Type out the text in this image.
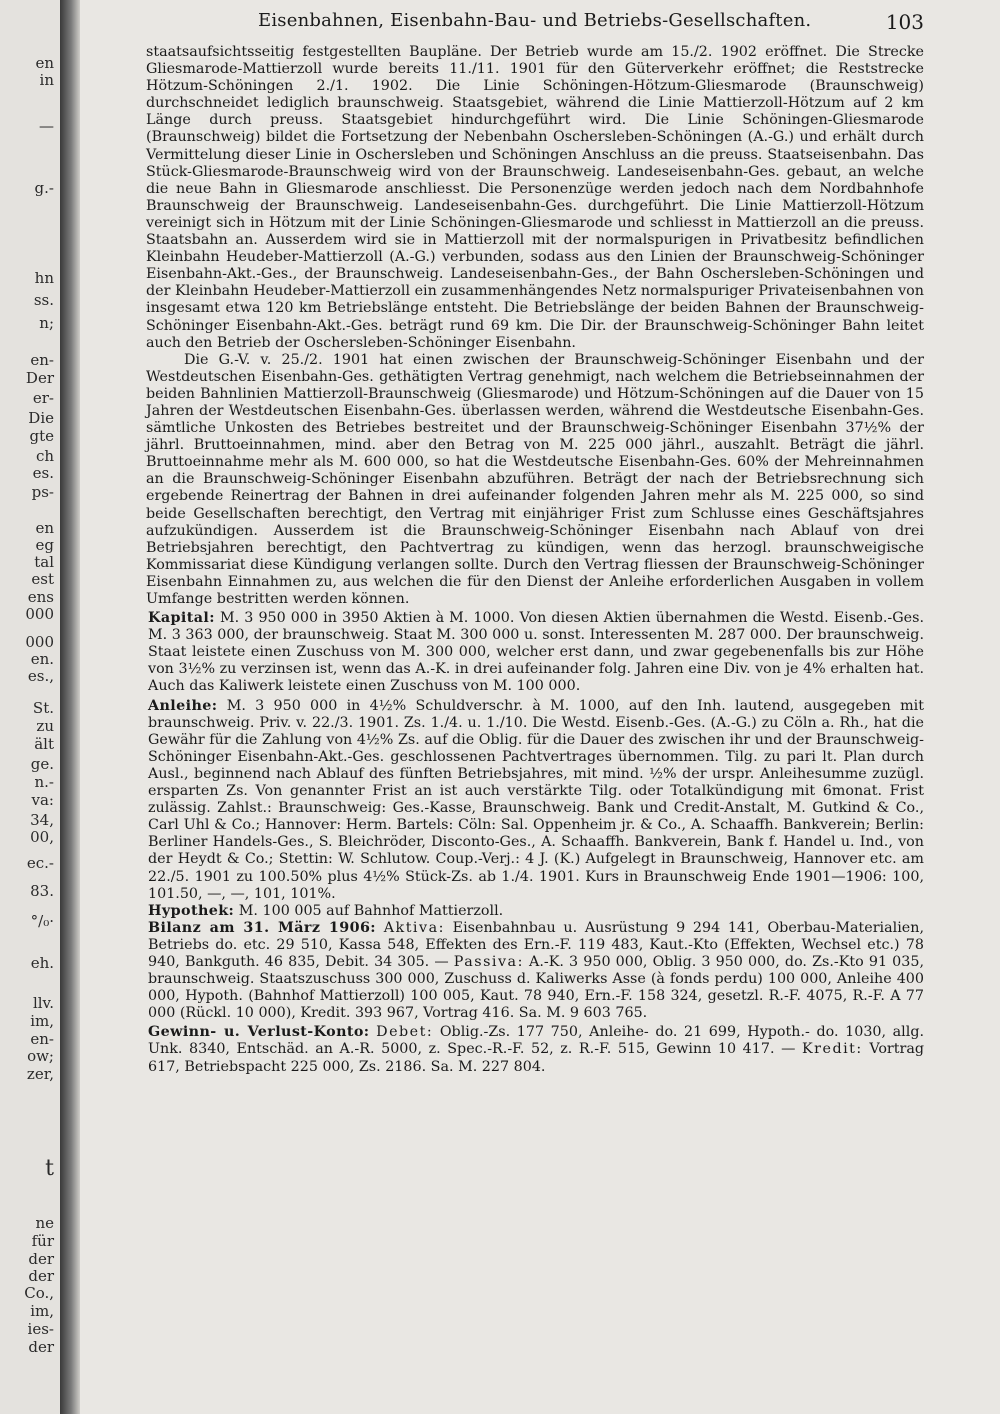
en
in
—
g.-
hn
ss.
n;
en-
Der
er-
Die
gte
ch
es.
ps-
en
eg
tal
est
ens
000
000
en.
es.,
St.
zu
ält
ge.
n.-
va:
34,
00,
ec.-
83.
°/₀·
eh.
llv.
im,
en-
ow;
zer,
t
ne
für
der
der
Co.,
im,
ies-
der
Eisenbahnen, Eisenbahn-Bau- und Betriebs-Gesellschaften.	103

staatsaufsichtsseitig festgestellten Baupläne. Der Betrieb wurde am 15./2. 1902 eröffnet. Die Strecke Gliesmarode-Mattierzoll wurde bereits 11./11. 1901 für den Güterverkehr eröffnet; die Reststrecke Hötzum-Schöningen 2./1. 1902. Die Linie Schöningen-Hötzum-Gliesmarode (Braunschweig) durchschneidet lediglich braunschweig. Staatsgebiet, während die Linie Mattierzoll-Hötzum auf 2 km Länge durch preuss. Staatsgebiet hindurchgeführt wird. Die Linie Schöningen-Gliesmarode (Braunschweig) bildet die Fortsetzung der Nebenbahn Oschersleben-Schöningen (A.-G.) und erhält durch Vermittelung dieser Linie in Oschersleben und Schöningen Anschluss an die preuss. Staatseisenbahn. Das Stück-Gliesmarode-Braunschweig wird von der Braunschweig. Landeseisenbahn-Ges. gebaut, an welche die neue Bahn in Gliesmarode anschliesst. Die Personenzüge werden jedoch nach dem Nordbahnhofe Braunschweig der Braunschweig. Landeseisenbahn-Ges. durchgeführt. Die Linie Mattierzoll-Hötzum vereinigt sich in Hötzum mit der Linie Schöningen-Gliesmarode und schliesst in Mattierzoll an die preuss. Staatsbahn an. Ausserdem wird sie in Mattierzoll mit der normalspurigen in Privatbesitz befindlichen Kleinbahn Heudeber-Mattierzoll (A.-G.) verbunden, sodass aus den Linien der Braunschweig-Schöninger Eisenbahn-Akt.-Ges., der Braunschweig. Landeseisenbahn-Ges., der Bahn Oschersleben-Schöningen und der Kleinbahn Heudeber-Mattierzoll ein zusammenhängendes Netz normalspuriger Privateisenbahnen von insgesamt etwa 120 km Betriebslänge entsteht. Die Betriebslänge der beiden Bahnen der Braunschweig-Schöninger Eisenbahn-Akt.-Ges. beträgt rund 69 km. Die Dir. der Braunschweig-Schöninger Bahn leitet auch den Betrieb der Oschersleben-Schöninger Eisenbahn.

Die G.-V. v. 25./2. 1901 hat einen zwischen der Braunschweig-Schöninger Eisenbahn und der Westdeutschen Eisenbahn-Ges. gethätigten Vertrag genehmigt, nach welchem die Betriebseinnahmen der beiden Bahnlinien Mattierzoll-Braunschweig (Gliesmarode) und Hötzum-Schöningen auf die Dauer von 15 Jahren der Westdeutschen Eisenbahn-Ges. überlassen werden, während die Westdeutsche Eisenbahn-Ges. sämtliche Unkosten des Betriebes bestreitet und der Braunschweig-Schöninger Eisenbahn 37½% der jährl. Bruttoeinnahmen, mind. aber den Betrag von M. 225 000 jährl., auszahlt. Beträgt die jährl. Bruttoeinnahme mehr als M. 600 000, so hat die Westdeutsche Eisenbahn-Ges. 60% der Mehreinnahmen an die Braunschweig-Schöninger Eisenbahn abzuführen. Beträgt der nach der Betriebsrechnung sich ergebende Reinertrag der Bahnen in drei aufeinander folgenden Jahren mehr als M. 225 000, so sind beide Gesellschaften berechtigt, den Vertrag mit einjähriger Frist zum Schlusse eines Geschäftsjahres aufzukündigen. Ausserdem ist die Braunschweig-Schöninger Eisenbahn nach Ablauf von drei Betriebsjahren berechtigt, den Pachtvertrag zu kündigen, wenn das herzogl. braunschweigische Kommissariat diese Kündigung verlangen sollte. Durch den Vertrag fliessen der Braunschweig-Schöninger Eisenbahn Einnahmen zu, aus welchen die für den Dienst der Anleihe erforderlichen Ausgaben in vollem Umfange bestritten werden können.

Kapital: M. 3 950 000 in 3950 Aktien à M. 1000. Von diesen Aktien übernahmen die Westd. Eisenb.-Ges. M. 3 363 000, der braunschweig. Staat M. 300 000 u. sonst. Interessenten M. 287 000. Der braunschweig. Staat leistete einen Zuschuss von M. 300 000, welcher erst dann, und zwar gegebenenfalls bis zur Höhe von 3½% zu verzinsen ist, wenn das A.-K. in drei aufeinander folg. Jahren eine Div. von je 4% erhalten hat. Auch das Kaliwerk leistete einen Zuschuss von M. 100 000.

Anleihe: M. 3 950 000 in 4½% Schuldverschr. à M. 1000, auf den Inh. lautend, ausgegeben mit braunschweig. Priv. v. 22./3. 1901. Zs. 1./4. u. 1./10. Die Westd. Eisenb.-Ges. (A.-G.) zu Cöln a. Rh., hat die Gewähr für die Zahlung von 4½% Zs. auf die Oblig. für die Dauer des zwischen ihr und der Braunschweig-Schöninger Eisenbahn-Akt.-Ges. geschlossenen Pachtvertrages übernommen. Tilg. zu pari lt. Plan durch Ausl., beginnend nach Ablauf des fünften Betriebsjahres, mit mind. ½% der urspr. Anleihesumme zuzügl. ersparten Zs. Von genannter Frist an ist auch verstärkte Tilg. oder Totalkündigung mit 6monat. Frist zulässig. Zahlst.: Braunschweig: Ges.-Kasse, Braunschweig. Bank und Credit-Anstalt, M. Gutkind & Co., Carl Uhl & Co.; Hannover: Herm. Bartels: Cöln: Sal. Oppenheim jr. & Co., A. Schaaffh. Bankverein; Berlin: Berliner Handels-Ges., S. Bleichröder, Disconto-Ges., A. Schaaffh. Bankverein, Bank f. Handel u. Ind., von der Heydt & Co.; Stettin: W. Schlutow. Coup.-Verj.: 4 J. (K.) Aufgelegt in Braunschweig, Hannover etc. am 22./5. 1901 zu 100.50% plus 4½% Stück-Zs. ab 1./4. 1901. Kurs in Braunschweig Ende 1901—1906: 100, 101.50, —, —, 101, 101%.

Hypothek: M. 100 005 auf Bahnhof Mattierzoll.

Bilanz am 31. März 1906: Aktiva: Eisenbahnbau u. Ausrüstung 9 294 141, Oberbau-Materialien, Betriebs do. etc. 29 510, Kassa 548, Effekten des Ern.-F. 119 483, Kaut.-Kto (Effekten, Wechsel etc.) 78 940, Bankguth. 46 835, Debit. 34 305. — Passiva: A.-K. 3 950 000, Oblig. 3 950 000, do. Zs.-Kto 91 035, braunschweig. Staatszuschuss 300 000, Zuschuss d. Kaliwerks Asse (à fonds perdu) 100 000, Anleihe 400 000, Hypoth. (Bahnhof Mattierzoll) 100 005, Kaut. 78 940, Ern.-F. 158 324, gesetzl. R.-F. 4075, R.-F. A 77 000 (Rückl. 10 000), Kredit. 393 967, Vortrag 416. Sa. M. 9 603 765.

Gewinn- u. Verlust-Konto: Debet: Oblig.-Zs. 177 750, Anleihe- do. 21 699, Hypoth.- do. 1030, allg. Unk. 8340, Entschäd. an A.-R. 5000, z. Spec.-R.-F. 52, z. R.-F. 515, Gewinn 10 417. — Kredit: Vortrag 617, Betriebspacht 225 000, Zs. 2186. Sa. M. 227 804.
